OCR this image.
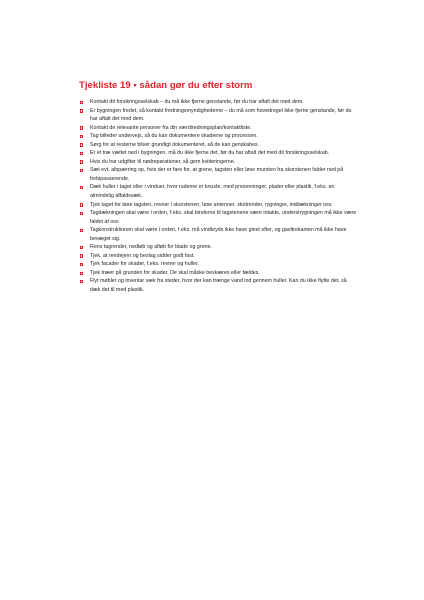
Tjekliste 19 • sådan gør du efter storm
Kontakt dit forsikringsselskab – du må ikke fjerne genstande, før du har aftalt det med dem.
Er bygningen fredet, så kontakt fredningsmyndighederne – du må som hovedregel ikke fjerne genstande, før du har aftalt det med dem.
Kontakt de relevante personer fra din værdiredningsplan/kontaktliste.
Tag billeder undervejs, så du kan dokumentere skaderne og processen.
Sørg for at resterne bliver grundigt dokumenteret, så de kan genskabes.
Er et træ væltet ned i bygningen, må du ikke fjerne det, før du har aftalt det med dit forsikringsselskab.
Hvis du har udgifter til nødreparationer, så gem kvitteringerne.
Sæt evt. afspærring op, hvis der er fare for, at grene, tagsten eller løse mursten fra skorstenen falder ned på forbipasserende.
Dæk huller i taget eller i vinduer, hvor ruderne er knuste, med presenninger, plader eller plastik, f.eks. en almindelig affaldssæk.
Tjek taget for løse tagsten, revner i skorstenen, løse antenner, skotrender, rygninger, inddækninger osv.
Tagdækningen skal være i orden, f.eks. skal binderne til tagstenene være intakte, understrygningen må ikke være faldet af osv.
Tagkonstruktionen skal være i orden, f.eks. må vindkryds ikke have givet efter, og gavltrekanten må ikke have bevæget sig.
Rens tagrender, nedløb og afløb for blade og grene.
Tjek, at rendejern og beslag sidder godt fast.
Tjek facader for skader, f.eks. revner og huller.
Tjek træer på grunden for skader. De skal måske beskæres eller fældes.
Flyt møbler og inventar væk fra steder, hvor der kan trænge vand ind gennem huller. Kan du ikke flytte det, så dæk det til med plastik.
